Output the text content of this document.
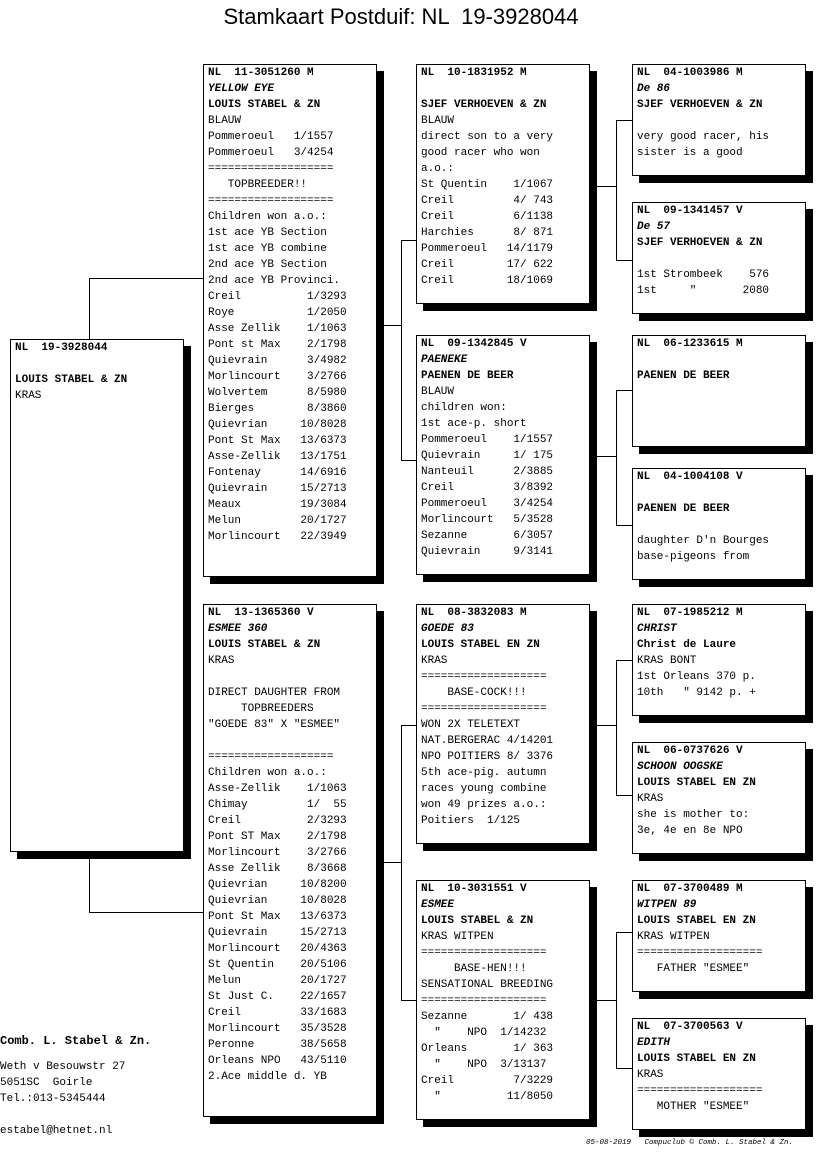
Stamkaart Postduif: NL  19-3928044
NL  19-3928044
LOUIS STABEL & ZN
KRAS
NL  11-3051260 M
YELLOW EYE
LOUIS STABEL & ZN
BLAUW
Pommeroeul   1/1557
Pommeroeul   3/4254
===================
TOPBREEDER!!
===================
Children won a.o.:
1st ace YB Section
1st ace YB combine
2nd ace YB Section
2nd ace YB Provinci.
Creil          1/3293
Roye           1/2050
Asse Zellik    1/1063
Pont st Max    2/1798
Quievrain      3/4982
Morlincourt    3/2766
Wolvertem      8/5980
Bierges        8/3860
Quievrian     10/8028
Pont St Max   13/6373
Asse-Zellik   13/1751
Fontenay      14/6916
Quievrain     15/2713
Meaux         19/3084
Melun         20/1727
Morlincourt   22/3949
NL  13-1365360 V
ESMEE 360
LOUIS STABEL & ZN
KRAS
DIRECT DAUGHTER FROM
TOPBREEDERS
"GOEDE 83" X "ESMEE"
===================
Children won a.o.:
Asse-Zellik    1/1063
Chimay         1/  55
Creil          2/3293
Pont ST Max    2/1798
Morlincourt    3/2766
Asse Zellik    8/3668
Quievrian     10/8200
Quievrian     10/8028
Pont St Max   13/6373
Quievrain     15/2713
Morlincourt   20/4363
St Quentin    20/5106
Melun         20/1727
St Just C.    22/1657
Creil         33/1683
Morlincourt   35/3528
Peronne       38/5658
Orleans NPO   43/5110
2.Ace middle d. YB
NL  10-1831952 M
SJEF VERHOEVEN & ZN
BLAUW
direct son to a very
good racer who won
a.o.:
St Quentin    1/1067
Creil         4/ 743
Creil         6/1138
Harchies      8/ 871
Pommeroeul   14/1179
Creil        17/ 622
Creil        18/1069
NL  09-1342845 V
PAENEKE
PAENEN DE BEER
BLAUW
children won:
1st ace-p. short
Pommeroeul    1/1557
Quievrain     1/ 175
Nanteuil      2/3885
Creil         3/8392
Pommeroeul    3/4254
Morlincourt   5/3528
Sezanne       6/3057
Quievrain     9/3141
NL  08-3832083 M
GOEDE 83
LOUIS STABEL EN ZN
KRAS
===================
BASE-COCK!!!
===================
WON 2X TELETEXT
NAT.BERGERAC 4/14201
NPO POITIERS 8/ 3376
5th ace-pig. autumn
races young combine
won 49 prizes a.o.:
Poitiers  1/125
NL  10-3031551 V
ESMEE
LOUIS STABEL & ZN
KRAS WITPEN
===================
BASE-HEN!!!
SENSATIONAL BREEDING
===================
Sezanne       1/ 438
"    NPO  1/14232
Orleans       1/ 363
"    NPO  3/13137
Creil         7/3229
"          11/8050
NL  04-1003986 M
De 86
SJEF VERHOEVEN & ZN
very good racer, his
sister is a good
NL  09-1341457 V
De 57
SJEF VERHOEVEN & ZN
1st Strombeek    576
1st     "       2080
NL  06-1233615 M
PAENEN DE BEER
NL  04-1004108 V
PAENEN DE BEER
daughter D'n Bourges
base-pigeons from
NL  07-1985212 M
CHRIST
Christ de Laure
KRAS BONT
1st Orleans 370 p.
10th   " 9142 p. +
NL  06-0737626 V
SCHOON OOGSKE
LOUIS STABEL EN ZN
KRAS
she is mother to:
3e, 4e en 8e NPO
NL  07-3700489 M
WITPEN 89
LOUIS STABEL EN ZN
KRAS WITPEN
===================
FATHER "ESMEE"
NL  07-3700563 V
EDITH
LOUIS STABEL EN ZN
KRAS
===================
MOTHER "ESMEE"
Comb. L. Stabel & Zn.
Weth v Besouwstr 27
5051SC  Goirle
Tel.:013-5345444
estabel@hetnet.nl
05-08-2019   Compuclub © Comb. L. Stabel & Zn.
